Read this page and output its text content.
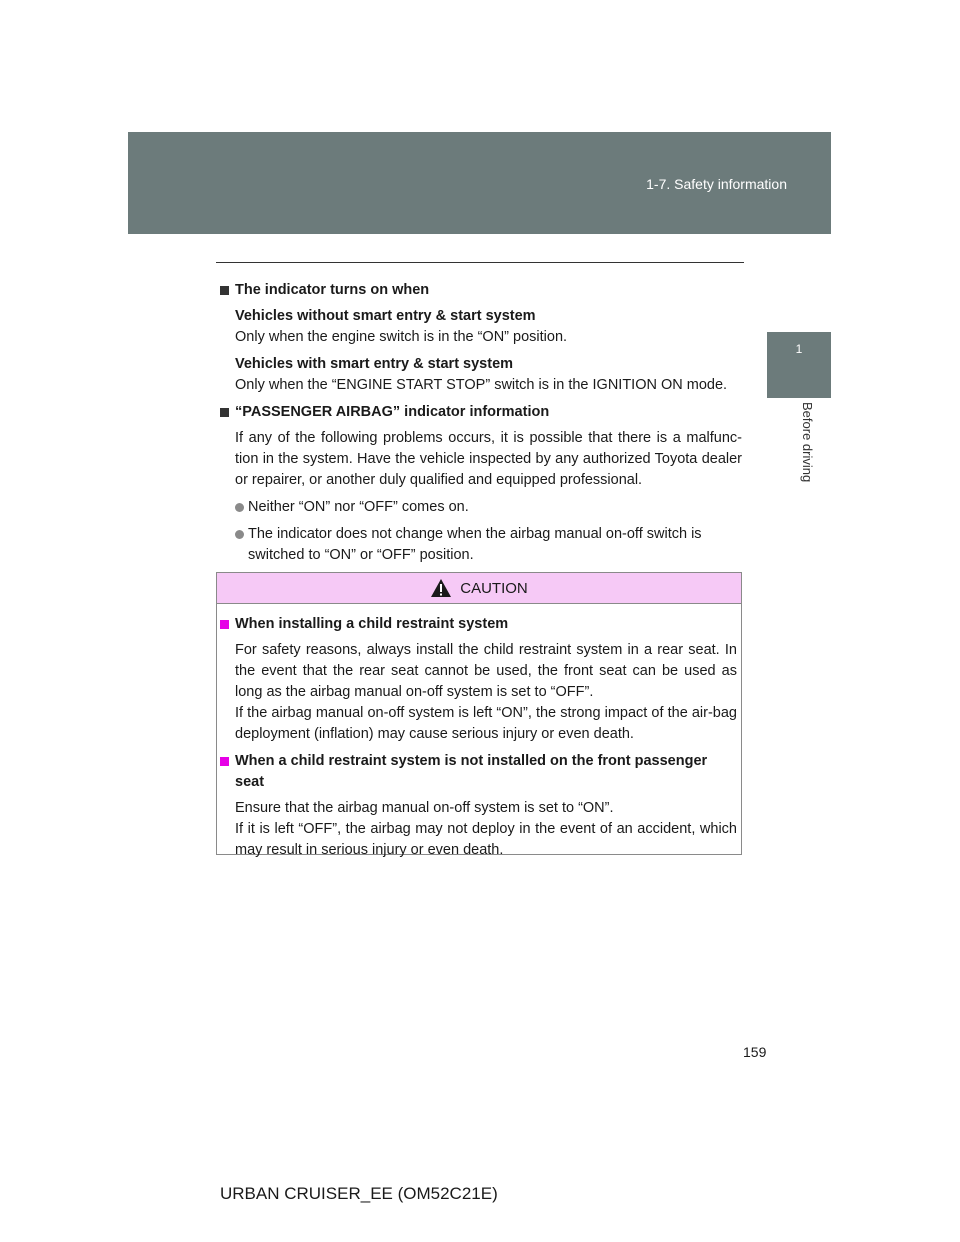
1-7. Safety information
1
Before driving
The indicator turns on when
Vehicles without smart entry & start system
Only when the engine switch is in the “ON” position.
Vehicles with smart entry & start system
Only when the “ENGINE START STOP” switch is in the IGNITION ON mode.
“PASSENGER AIRBAG” indicator information
If any of the following problems occurs, it is possible that there is a malfunc-tion in the system. Have the vehicle inspected by any authorized Toyota dealer or repairer, or another duly qualified and equipped professional.
Neither “ON” nor “OFF” comes on.
The indicator does not change when the airbag manual on-off switch is switched to “ON” or “OFF” position.
CAUTION
When installing a child restraint system
For safety reasons, always install the child restraint system in a rear seat. In the event that the rear seat cannot be used, the front seat can be used as long as the airbag manual on-off system is set to “OFF”.
If the airbag manual on-off system is left “ON”, the strong impact of the air-bag deployment (inflation) may cause serious injury or even death.
When a child restraint system is not installed on the front passenger seat
Ensure that the airbag manual on-off system is set to “ON”.
If it is left “OFF”, the airbag may not deploy in the event of an accident, which may result in serious injury or even death.
159
URBAN CRUISER_EE (OM52C21E)
